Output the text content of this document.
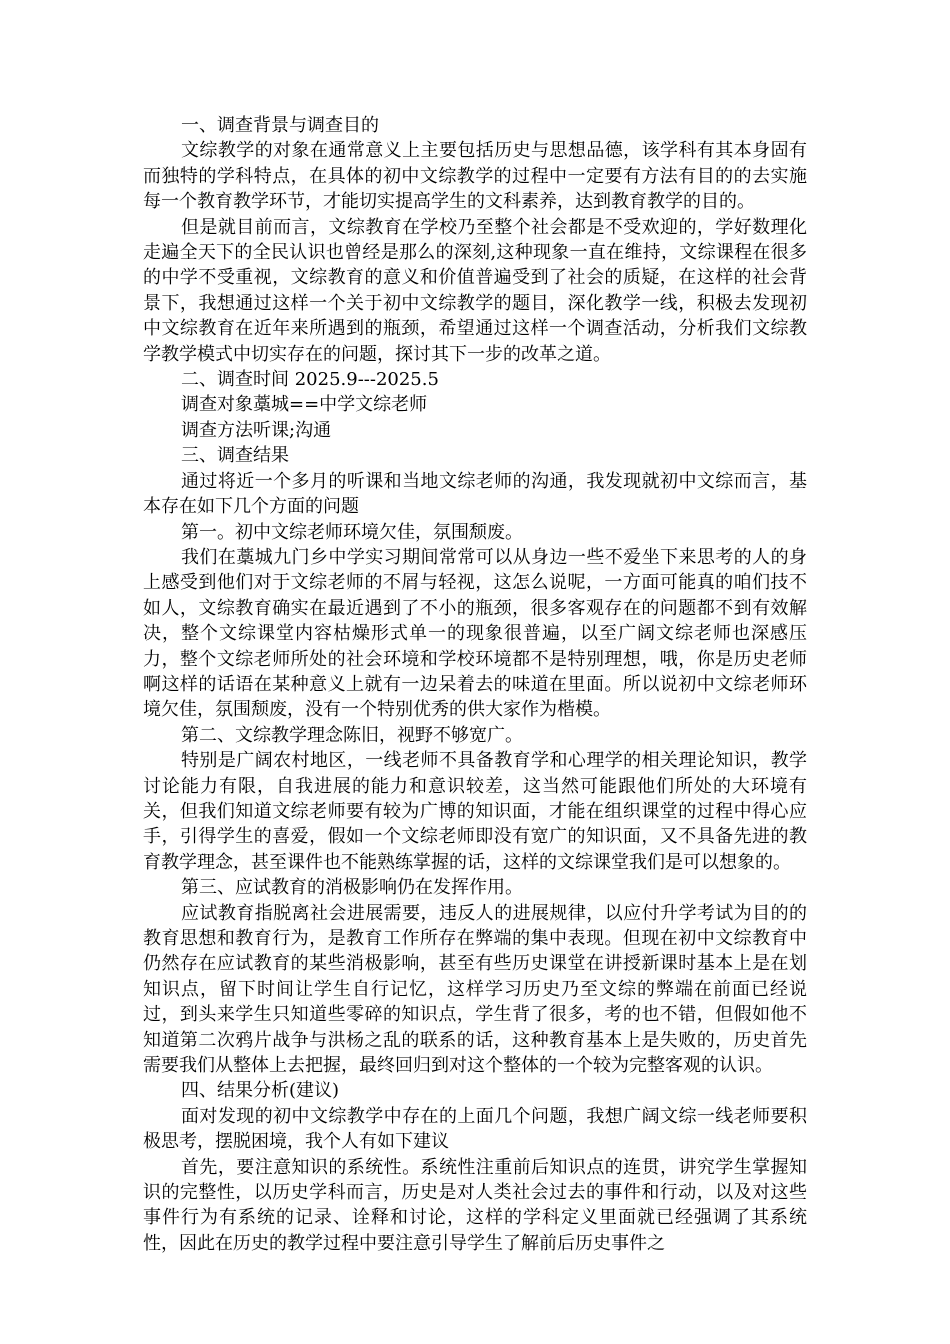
一、调查背景与调查目的

文综教学的对象在通常意义上主要包括历史与思想品德，该学科有其本身固有而独特的学科特点，在具体的初中文综教学的过程中一定要有方法有目的的去实施每一个教育教学环节，才能切实提高学生的文科素养，达到教育教学的目的。

但是就目前而言，文综教育在学校乃至整个社会都是不受欢迎的，学好数理化走遍全天下的全民认识也曾经是那么的深刻,这种现象一直在维持，文综课程在很多的中学不受重视，文综教育的意义和价值普遍受到了社会的质疑，在这样的社会背景下，我想通过这样一个关于初中文综教学的题目，深化教学一线，积极去发现初中文综教育在近年来所遇到的瓶颈，希望通过这样一个调查活动，分析我们文综教学教学模式中切实存在的问题，探讨其下一步的改革之道。

二、调查时间 2025.9---2025.5

调查对象藁城==中学文综老师

调查方法听课;沟通

三、调查结果

通过将近一个多月的听课和当地文综老师的沟通，我发现就初中文综而言，基本存在如下几个方面的问题

第一。初中文综老师环境欠佳，氛围颓废。

我们在藁城九门乡中学实习期间常常可以从身边一些不爱坐下来思考的人的身上感受到他们对于文综老师的不屑与轻视，这怎么说呢，一方面可能真的咱们技不如人，文综教育确实在最近遇到了不小的瓶颈，很多客观存在的问题都不到有效解决，整个文综课堂内容枯燥形式单一的现象很普遍，以至广阔文综老师也深感压力，整个文综老师所处的社会环境和学校环境都不是特别理想，哦，你是历史老师啊这样的话语在某种意义上就有一边呆着去的味道在里面。所以说初中文综老师环境欠佳，氛围颓废，没有一个特别优秀的供大家作为楷模。

第二、文综教学理念陈旧，视野不够宽广。

特别是广阔农村地区，一线老师不具备教育学和心理学的相关理论知识，教学讨论能力有限，自我进展的能力和意识较差，这当然可能跟他们所处的大环境有关，但我们知道文综老师要有较为广博的知识面，才能在组织课堂的过程中得心应手，引得学生的喜爱，假如一个文综老师即没有宽广的知识面，又不具备先进的教育教学理念，甚至课件也不能熟练掌握的话，这样的文综课堂我们是可以想象的。

第三、应试教育的消极影响仍在发挥作用。

应试教育指脱离社会进展需要，违反人的进展规律，以应付升学考试为目的的教育思想和教育行为，是教育工作所存在弊端的集中表现。但现在初中文综教育中仍然存在应试教育的某些消极影响，甚至有些历史课堂在讲授新课时基本上是在划知识点，留下时间让学生自行记忆，这样学习历史乃至文综的弊端在前面已经说过，到头来学生只知道些零碎的知识点，学生背了很多，考的也不错，但假如他不知道第二次鸦片战争与洪杨之乱的联系的话，这种教育基本上是失败的，历史首先需要我们从整体上去把握，最终回归到对这个整体的一个较为完整客观的认识。

四、结果分析(建议)

面对发现的初中文综教学中存在的上面几个问题，我想广阔文综一线老师要积极思考，摆脱困境，我个人有如下建议

首先，要注意知识的系统性。系统性注重前后知识点的连贯，讲究学生掌握知识的完整性，以历史学科而言，历史是对人类社会过去的事件和行动，以及对这些事件行为有系统的记录、诠释和讨论，这样的学科定义里面就已经强调了其系统性，因此在历史的教学过程中要注意引导学生了解前后历史事件之
